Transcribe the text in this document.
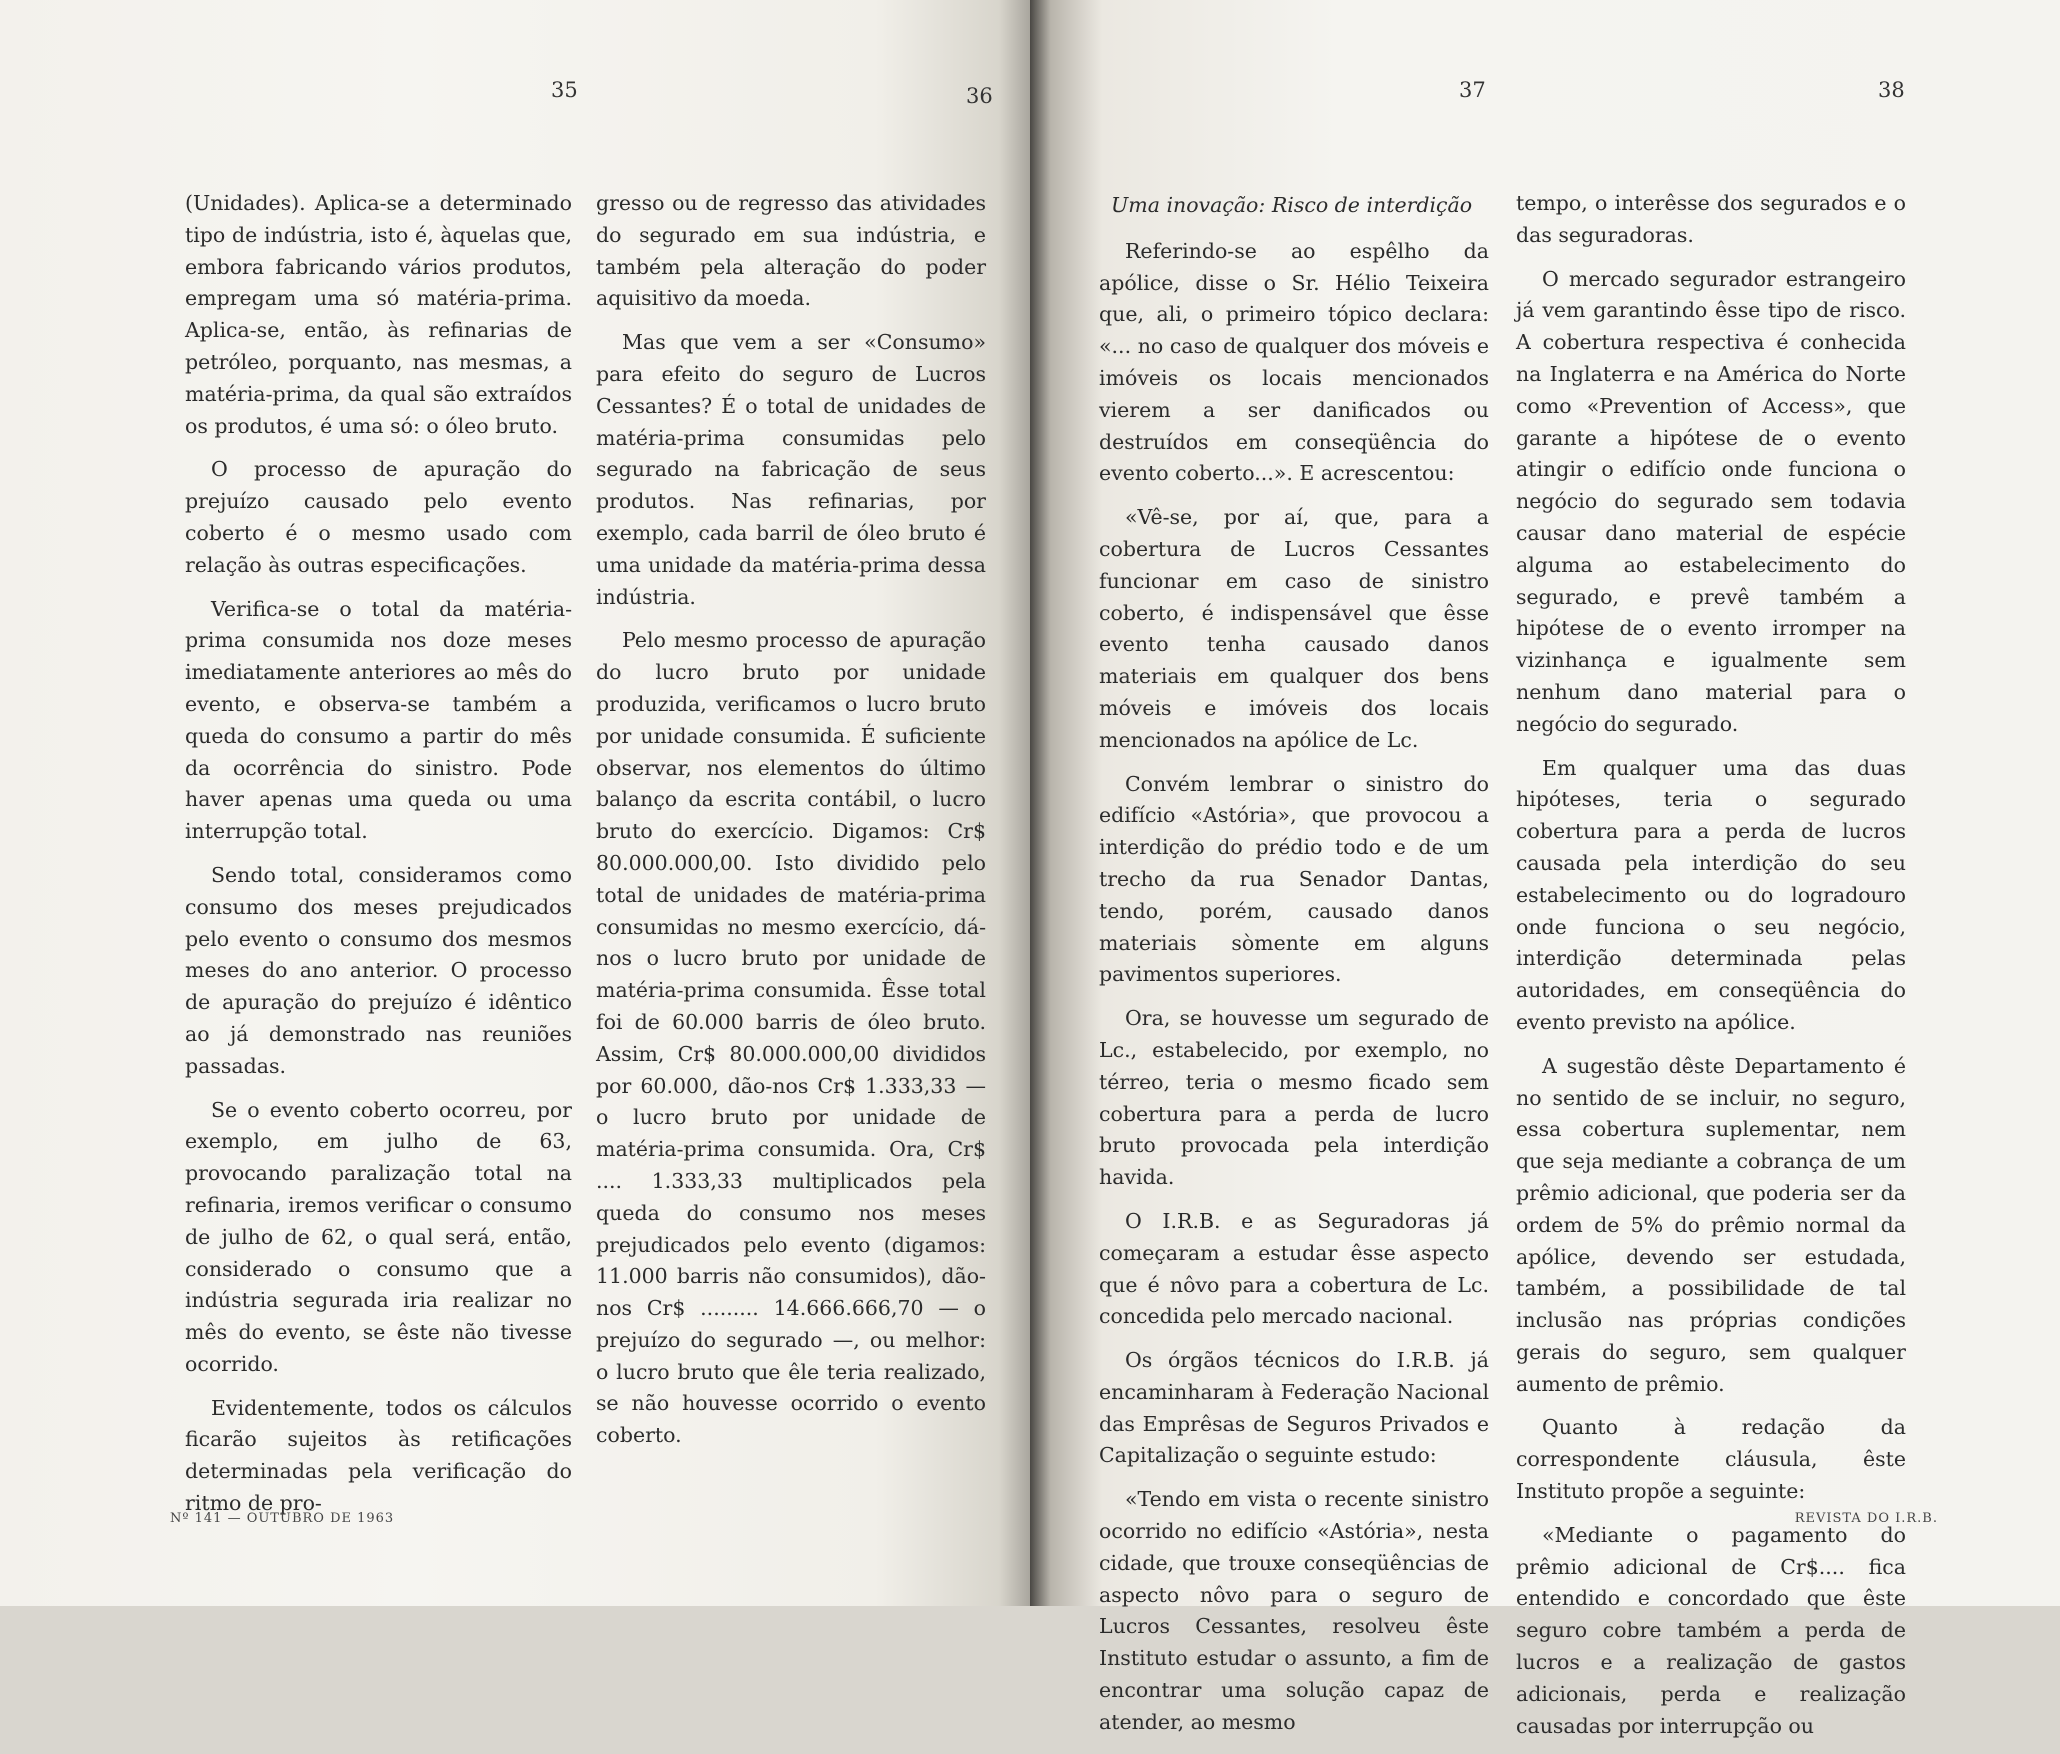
35	36

(Unidades). Aplica-se a determinado tipo de indústria, isto é, àquelas que, embora fabricando vários produtos, empregam uma só matéria-prima. Aplica-se, então, às refinarias de petróleo, porquanto, nas mesmas, a matéria-prima, da qual são extraídos os produtos, é uma só: o óleo bruto.

O processo de apuração do prejuízo causado pelo evento coberto é o mesmo usado com relação às outras especificações.

Verifica-se o total da matéria-prima consumida nos doze meses imediatamente anteriores ao mês do evento, e observa-se também a queda do consumo a partir do mês da ocorrência do sinistro. Pode haver apenas uma queda ou uma interrupção total.

Sendo total, consideramos como consumo dos meses prejudicados pelo evento o consumo dos mesmos meses do ano anterior. O processo de apuração do prejuízo é idêntico ao já demonstrado nas reuniões passadas.

Se o evento coberto ocorreu, por exemplo, em julho de 63, provocando paralização total na refinaria, iremos verificar o consumo de julho de 62, o qual será, então, considerado o consumo que a indústria segurada iria realizar no mês do evento, se êste não tivesse ocorrido.

Evidentemente, todos os cálculos ficarão sujeitos às retificações determinadas pela verificação do ritmo de pro-

gresso ou de regresso das atividades do segurado em sua indústria, e também pela alteração do poder aquisitivo da moeda.

Mas que vem a ser «Consumo» para efeito do seguro de Lucros Cessantes? É o total de unidades de matéria-prima consumidas pelo segurado na fabricação de seus produtos. Nas refinarias, por exemplo, cada barril de óleo bruto é uma unidade da matéria-prima dessa indústria.

Pelo mesmo processo de apuração do lucro bruto por unidade produzida, verificamos o lucro bruto por unidade consumida. É suficiente observar, nos elementos do último balanço da escrita contábil, o lucro bruto do exercício. Digamos: Cr$ 80.000.000,00. Isto dividido pelo total de unidades de matéria-prima consumidas no mesmo exercício, dá-nos o lucro bruto por unidade de matéria-prima consumida. Êsse total foi de 60.000 barris de óleo bruto. Assim, Cr$ 80.000.000,00 divididos por 60.000, dão-nos Cr$ 1.333,33 — o lucro bruto por unidade de matéria-prima consumida. Ora, Cr$ .... 1.333,33 multiplicados pela queda do consumo nos meses prejudicados pelo evento (digamos: 11.000 barris não consumidos), dão-nos Cr$ ......... 14.666.666,70 — o prejuízo do segurado —, ou melhor: o lucro bruto que êle teria realizado, se não houvesse ocorrido o evento coberto.

Nº 141 — OUTUBRO DE 1963
37	38

Uma inovação: Risco de interdição

Referindo-se ao espêlho da apólice, disse o Sr. Hélio Teixeira que, ali, o primeiro tópico declara: «... no caso de qualquer dos móveis e imóveis os locais mencionados vierem a ser danificados ou destruídos em conseqüência do evento coberto...». E acrescentou:

«Vê-se, por aí, que, para a cobertura de Lucros Cessantes funcionar em caso de sinistro coberto, é indispensável que êsse evento tenha causado danos materiais em qualquer dos bens móveis e imóveis dos locais mencionados na apólice de Lc.

Convém lembrar o sinistro do edifício «Astória», que provocou a interdição do prédio todo e de um trecho da rua Senador Dantas, tendo, porém, causado danos materiais sòmente em alguns pavimentos superiores.

Ora, se houvesse um segurado de Lc., estabelecido, por exemplo, no térreo, teria o mesmo ficado sem cobertura para a perda de lucro bruto provocada pela interdição havida.

O I.R.B. e as Seguradoras já começaram a estudar êsse aspecto que é nôvo para a cobertura de Lc. concedida pelo mercado nacional.

Os órgãos técnicos do I.R.B. já encaminharam à Federação Nacional das Emprêsas de Seguros Privados e Capitalização o seguinte estudo:

«Tendo em vista o recente sinistro ocorrido no edifício «Astória», nesta cidade, que trouxe conseqüências de aspecto nôvo para o seguro de Lucros Cessantes, resolveu êste Instituto estudar o assunto, a fim de encontrar uma solução capaz de atender, ao mesmo

tempo, o interêsse dos segurados e o das seguradoras.

O mercado segurador estrangeiro já vem garantindo êsse tipo de risco. A cobertura respectiva é conhecida na Inglaterra e na América do Norte como «Prevention of Access», que garante a hipótese de o evento atingir o edifício onde funciona o negócio do segurado sem todavia causar dano material de espécie alguma ao estabelecimento do segurado, e prevê também a hipótese de o evento irromper na vizinhança e igualmente sem nenhum dano material para o negócio do segurado.

Em qualquer uma das duas hipóteses, teria o segurado cobertura para a perda de lucros causada pela interdição do seu estabelecimento ou do logradouro onde funciona o seu negócio, interdição determinada pelas autoridades, em conseqüência do evento previsto na apólice.

A sugestão dêste Departamento é no sentido de se incluir, no seguro, essa cobertura suplementar, nem que seja mediante a cobrança de um prêmio adicional, que poderia ser da ordem de 5% do prêmio normal da apólice, devendo ser estudada, também, a possibilidade de tal inclusão nas próprias condições gerais do seguro, sem qualquer aumento de prêmio.

Quanto à redação da correspondente cláusula, êste Instituto propõe a seguinte:

«Mediante o pagamento do prêmio adicional de Cr$.... fica entendido e concordado que êste seguro cobre também a perda de lucros e a realização de gastos adicionais, perda e realização causadas por interrupção ou

REVISTA DO I.R.B.
